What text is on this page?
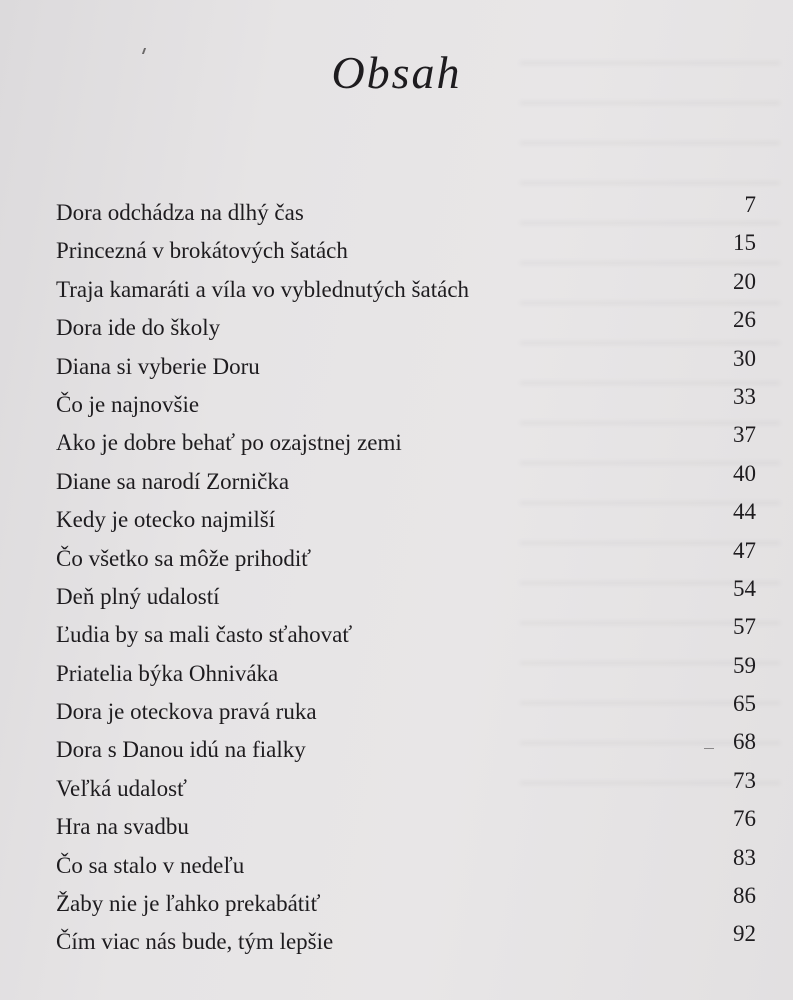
Obsah
Dora odchádza na dlhý čas	7
Princezná v brokátových šatách	15
Traja kamaráti a víla vo vyblednutých šatách	20
Dora ide do školy	26
Diana si vyberie Doru	30
Čo je najnovšie	33
Ako je dobre behať po ozajstnej zemi	37
Diane sa narodí Zornička	40
Kedy je otecko najmilší	44
Čo všetko sa môže prihodiť	47
Deň plný udalostí	54
Ľudia by sa mali často sťahovať	57
Priatelia býka Ohniváka	59
Dora je oteckova pravá ruka	65
Dora s Danou idú na fialky	68
Veľká udalosť	73
Hra na svadbu	76
Čo sa stalo v nedeľu	83
Žaby nie je ľahko prekabátiť	86
Čím viac nás bude, tým lepšie	92
